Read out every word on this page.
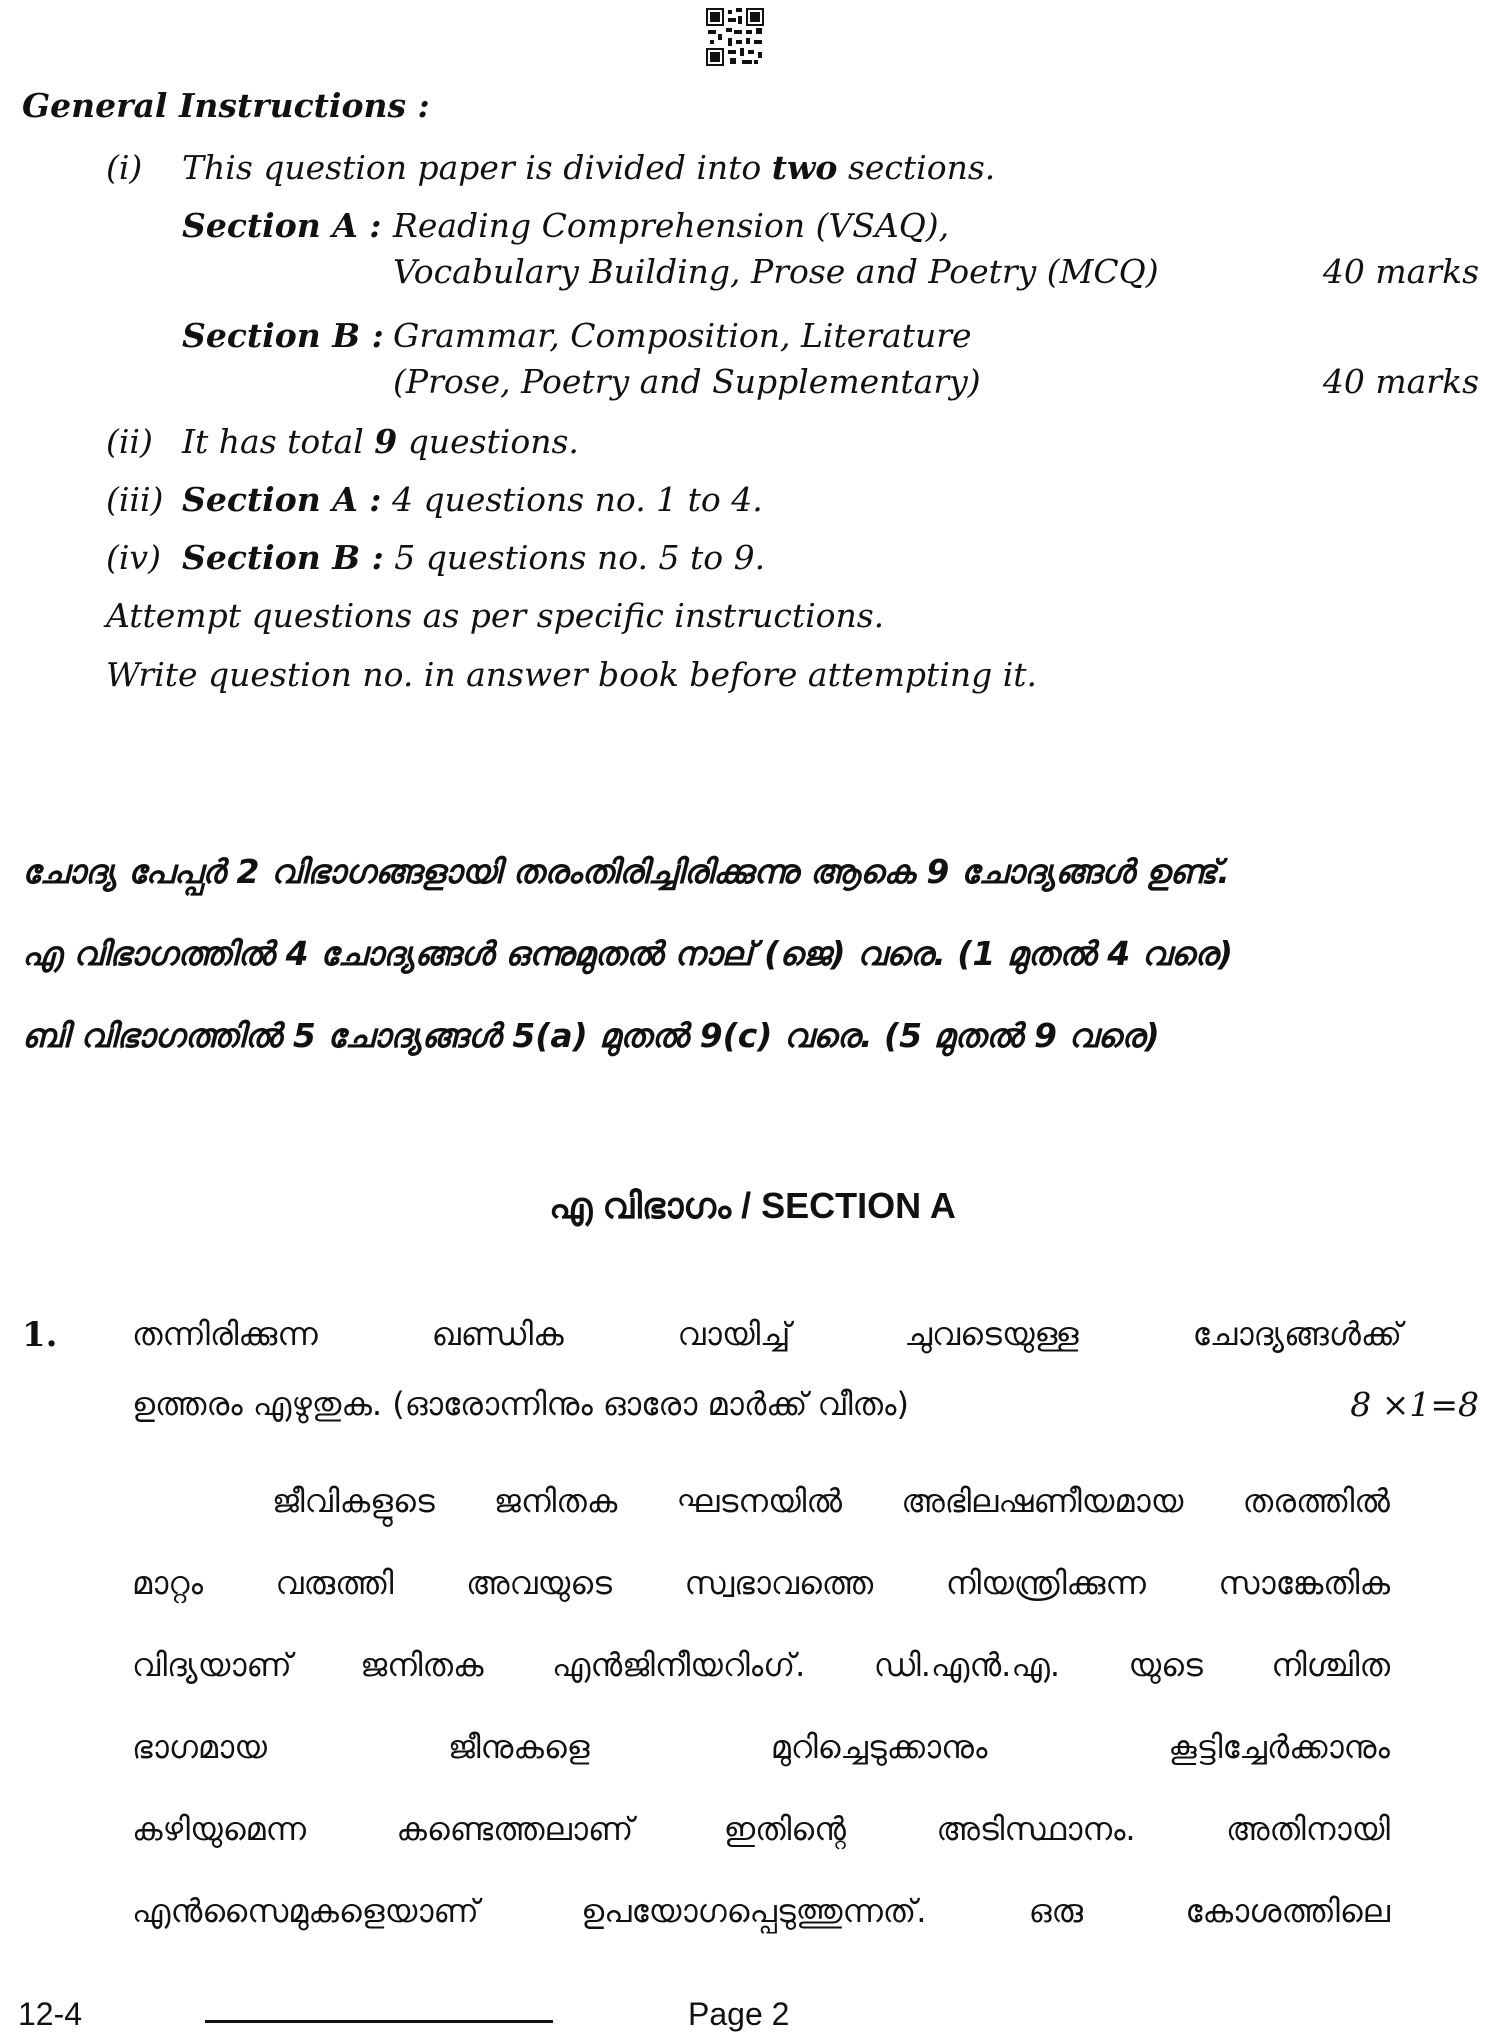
General Instructions :
(i) This question paper is divided into two sections.
Section A : Reading Comprehension (VSAQ),
Vocabulary Building, Prose and Poetry (MCQ)	40 marks
Section B : Grammar, Composition, Literature
(Prose, Poetry and Supplementary)	40 marks
(ii) It has total 9 questions.
(iii) Section A : 4 questions no. 1 to 4.
(iv) Section B : 5 questions no. 5 to 9.
Attempt questions as per specific instructions.
Write question no. in answer book before attempting it.
ചോദ്യ പേപ്പർ 2 വിഭാഗങ്ങളായി തരംതിരിച്ചിരിക്കുന്നു ആകെ 9 ചോദ്യങ്ങൾ ഉണ്ട്.
എ വിഭാഗത്തിൽ 4 ചോദ്യങ്ങൾ ഒന്നുമുതൽ നാല് (ജെ) വരെ. (1 മുതൽ 4 വരെ)
ബി വിഭാഗത്തിൽ 5 ചോദ്യങ്ങൾ 5(a) മുതൽ 9(c) വരെ. (5 മുതൽ 9 വരെ)
എ വിഭാഗം / SECTION A
1. തന്നിരിക്കുന്ന	ഖണ്ഡിക	വായിച്ച്	ചുവടെയുള്ള	ചോദ്യങ്ങൾക്ക്
ഉത്തരം എഴുതുക. (ഓരോന്നിനും ഓരോ മാർക്ക് വീതം)	8 ×1=8
ജീവികളുടെ ജനിതക ഘടനയിൽ അഭിലഷണീയമായ തരത്തിൽ
മാറ്റം വരുത്തി അവയുടെ സ്വഭാവത്തെ നിയന്ത്രിക്കുന്ന സാങ്കേതിക
വിദ്യയാണ് ജനിതക എൻജിനീയറിംഗ്. ഡി.എൻ.എ. യുടെ നിശ്ചിത
ഭാഗമായ	ജീനുകളെ	മുറിച്ചെടുക്കാനും	കൂട്ടിച്ചേർക്കാനും
കഴിയുമെന്ന	കണ്ടെത്തലാണ്	ഇതിന്റെ	അടിസ്ഥാനം.	അതിനായി
എൻസൈമുകളെയാണ്	ഉപയോഗപ്പെടുത്തുന്നത്.	ഒരു	കോശത്തിലെ
12-4	Page 2
